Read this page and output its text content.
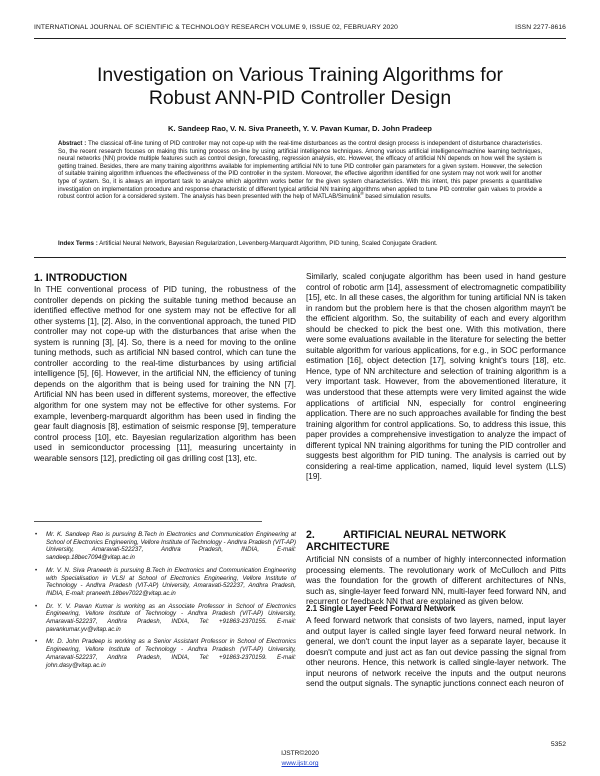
INTERNATIONAL JOURNAL OF SCIENTIFIC & TECHNOLOGY RESEARCH VOLUME 9, ISSUE 02, FEBRUARY 2020	ISSN 2277-8616
Investigation on Various Training Algorithms for
Robust ANN-PID Controller Design
K. Sandeep Rao, V. N. Siva Praneeth, Y. V. Pavan Kumar, D. John Pradeep
Abstract : The classical off-line tuning of PID controller may not cope-up with the real-time disturbances as the control design process is independent of disturbance characteristics. So, the recent research focuses on making this tuning process on-line by using artificial intelligence techniques. Among various artificial intelligence/machine learning techniques, neural networks (NN) provide multiple features such as control design, forecasting, regression analysis, etc. However, the efficacy of artificial NN depends on how well the system is getting trained. Besides, there are many training algorithms available for implementing artificial NN to tune PID controller gain parameters for a given system. However, the selection of suitable training algorithm influences the effectiveness of the PID controller in the system. Moreover, the effective algorithm identified for one system may not work well for another type of system. So, it is always an important task to analyze which algorithm works better for the given system characteristics. With this intent, this paper presents a quantitative investigation on implementation procedure and response characteristic of different typical artificial NN training algorithms when applied to tune PID controller gain values to provide a robust control action for a considered system. The analysis has been presented with the help of MATLAB/Simulink® based simulation results.
Index Terms : Artificial Neural Network, Bayesian Regularization, Levenberg-Marquardt Algorithm, PID tuning, Scaled Conjugate Gradient.
1. INTRODUCTION

In THE conventional process of PID tuning, the robustness of the controller depends on picking the suitable tuning method because an identified effective method for one system may not be effective for all other systems [1], [2]. Also, in the conventional approach, the tuned PID controller may not cope-up with the disturbances that arise when the system is running [3], [4]. So, there is a need for moving to the online tuning methods, such as artificial NN based control, which can tune the controller according to the real-time disturbances by using artificial intelligence [5], [6]. However, in the artificial NN, the efficiency of tuning depends on the algorithm that is being used for training the NN [7]. Artificial NN has been used in different systems, moreover, the effective algorithm for one system may not be effective for other systems. For example, levenberg-marquardt algorithm has been used in finding the gear fault diagnosis [8], estimation of seismic response [9], temperature control process [10], etc. Bayesian regularization algorithm has been used in semiconductor processing [11], measuring uncertainty in wearable sensors [12], predicting oil gas drilling cost [13], etc.

• Mr. K. Sandeep Rao is pursuing B.Tech in Electronics and Communication Engineering at School of Electronics Engineering, Vellore Institute of Technology - Andhra Pradesh (VIT-AP) University, Amaravati-522237, Andhra Pradesh, INDIA, E-mail: sandeep.18bec7094@vitap.ac.in
• Mr. V. N. Siva Praneeth is pursuing B.Tech in Electronics and Communication Engineering with Specialisation in VLSI at School of Electronics Engineering, Vellore Institute of Technology - Andhra Pradesh (VIT-AP) University, Amaravati-522237, Andhra Pradesh, INDIA, E-mail: praneeth.18bev7022@vitap.ac.in
• Dr. Y. V. Pavan Kumar is working as an Associate Professor in School of Electronics Engineering, Vellore Institute of Technology - Andhra Pradesh (VIT-AP) University, Amaravati-522237, Andhra Pradesh, INDIA, Tel: +91863-2370155. E-mail: pavankumar.yv@vitap.ac.in
• Mr. D. John Pradeep is working as a Senior Assistant Professor in School of Electronics Engineering, Vellore Institute of Technology - Andhra Pradesh (VIT-AP) University, Amaravati-522237, Andhra Pradesh, INDIA, Tel: +91863-2370159. E-mail: john.dasy@vitap.ac.in

Similarly, scaled conjugate algorithm has been used in hand gesture control of robotic arm [14], assessment of electromagnetic compatibility [15], etc. In all these cases, the algorithm for tuning artificial NN is taken in random but the problem here is that the chosen algorithm mayn't be the efficient algorithm. So, the suitability of each and every algorithm should be checked to pick the best one. With this motivation, there were some evaluations available in the literature for selecting the better suitable algorithm for various applications, for e.g., in SOC performance estimation [16], object detection [17], solving knight's tours [18], etc. Hence, type of NN architecture and selection of training algorithm is a very important task. However, from the abovementioned literature, it was understood that these attempts were very limited against the wide applications of artificial NN, especially for control engineering application. There are no such approaches available for finding the best training algorithm for control applications. So, to address this issue, this paper provides a comprehensive investigation to analyze the impact of different typical NN training algorithms for tuning the PID controller and suggests best algorithm for PID tuning. The analysis is carried out by considering a real-time application, named, liquid level system (LLS) [19].

2.	ARTIFICIAL NEURAL NETWORK
ARCHITECTURE

Artificial NN consists of a number of highly interconnected information processing elements. The revolutionary work of McCulloch and Pitts was the foundation for the growth of different architectures of NNs, such as, single-layer feed forward NN, multi-layer feed forward NN, and recurrent or feedback NN that are explained as given below.

2.1 Single Layer Feed Forward Network

A feed forward network that consists of two layers, named, input layer and output layer is called single layer feed forward neural network. In general, we don't count the input layer as a separate layer, because it doesn't compute and just act as fan out device passing the signal from other neurons. Hence, this network is called single-layer network. The input neurons of network receive the inputs and the output neurons send the output signals. The synaptic junctions connect each neuron of

5352
IJSTR©2020
www.ijstr.org
